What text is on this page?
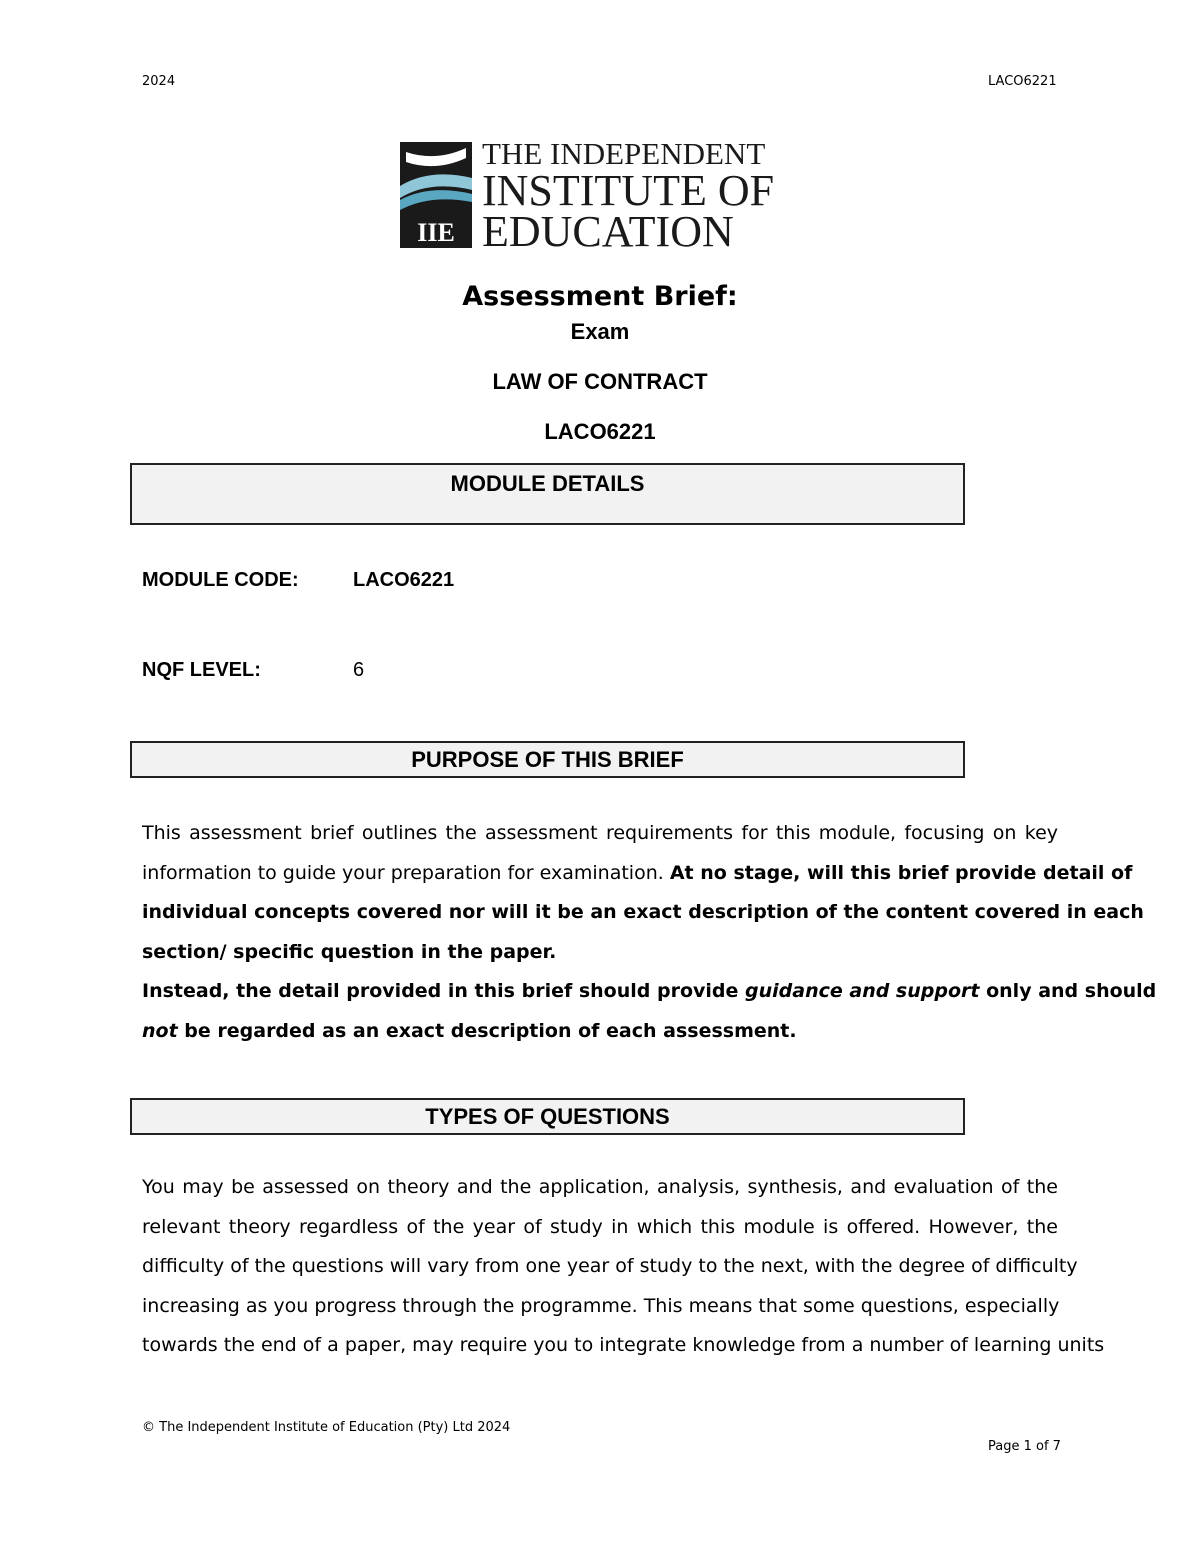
2024	LACO6221
IIE
THE INDEPENDENT
INSTITUTE OF
EDUCATION
Assessment Brief:
Exam
LAW OF CONTRACT
LACO6221
MODULE DETAILS
MODULE CODE:	LACO6221
NQF LEVEL:	6
PURPOSE OF THIS BRIEF
This assessment brief outlines the assessment requirements for this module, focusing on key
information to guide your preparation for examination. At no stage, will this brief provide detail of
individual concepts covered nor will it be an exact description of the content covered in each
section/ specific question in the paper.
Instead, the detail provided in this brief should provide guidance and support only and should
not be regarded as an exact description of each assessment.
TYPES OF QUESTIONS
You may be assessed on theory and the application, analysis, synthesis, and evaluation of the
relevant theory regardless of the year of study in which this module is offered. However, the
difficulty of the questions will vary from one year of study to the next, with the degree of difficulty
increasing as you progress through the programme. This means that some questions, especially
towards the end of a paper, may require you to integrate knowledge from a number of learning units
© The Independent Institute of Education (Pty) Ltd 2024
Page 1 of 7
